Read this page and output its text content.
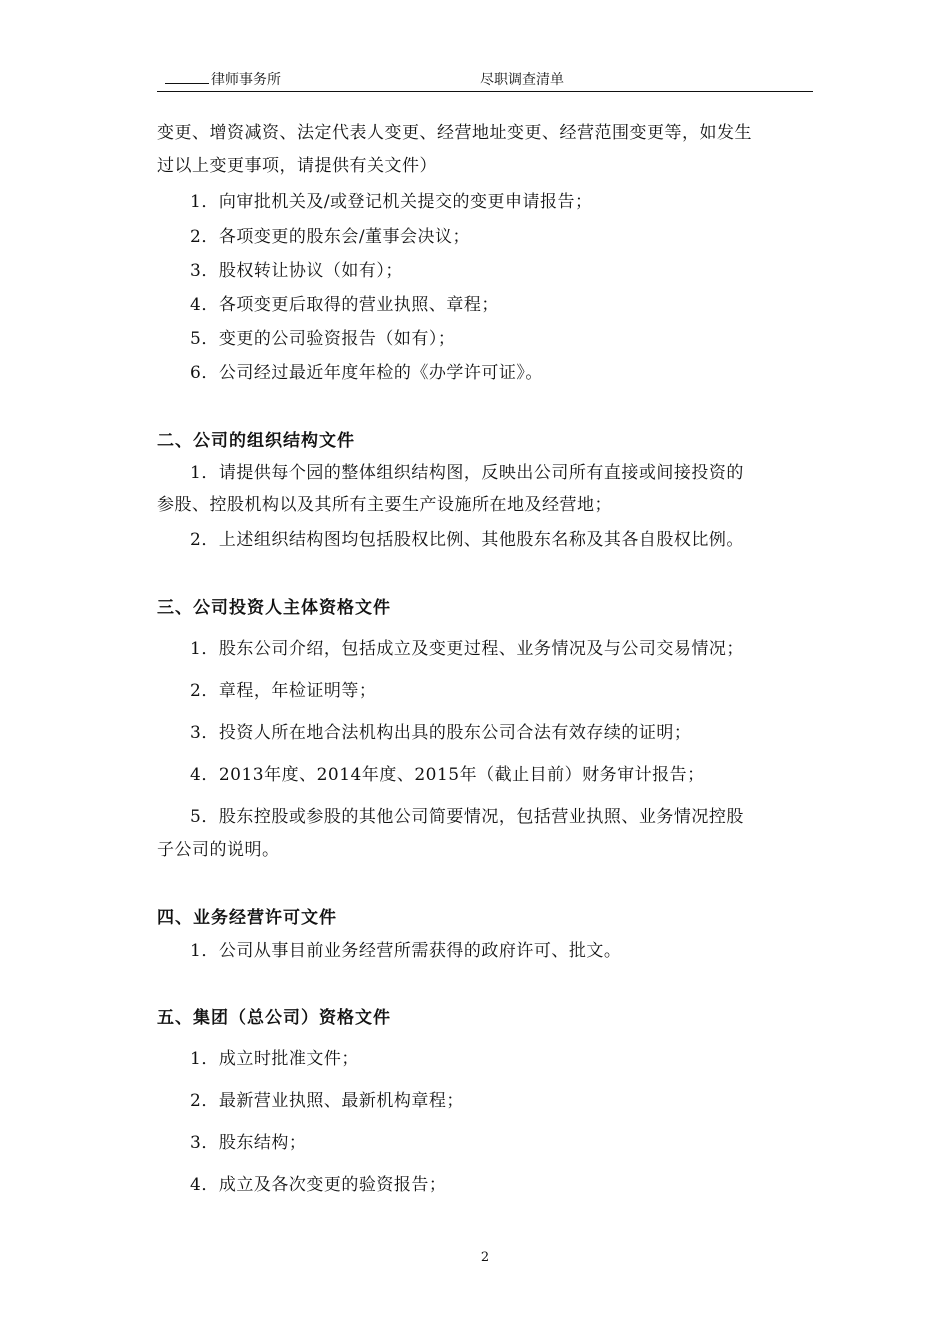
律师事务所	尽职调查清单
变更、增资减资、法定代表人变更、经营地址变更、经营范围变更等，如发生
过以上变更事项，请提供有关文件）
1．向审批机关及/或登记机关提交的变更申请报告；
2．各项变更的股东会/董事会决议；
3．股权转让协议（如有）；
4．各项变更后取得的营业执照、章程；
5．变更的公司验资报告（如有）；
6．公司经过最近年度年检的《办学许可证》。
二、公司的组织结构文件
1．请提供每个园的整体组织结构图，反映出公司所有直接或间接投资的
参股、控股机构以及其所有主要生产设施所在地及经营地；
2．上述组织结构图均包括股权比例、其他股东名称及其各自股权比例。
三、公司投资人主体资格文件
1．股东公司介绍，包括成立及变更过程、业务情况及与公司交易情况；
2．章程，年检证明等；
3．投资人所在地合法机构出具的股东公司合法有效存续的证明；
4．2013年度、2014年度、2015年（截止目前）财务审计报告；
5．股东控股或参股的其他公司简要情况，包括营业执照、业务情况控股
子公司的说明。
四、业务经营许可文件
1．公司从事目前业务经营所需获得的政府许可、批文。
五、集团（总公司）资格文件
1．成立时批准文件；
2．最新营业执照、最新机构章程；
3．股东结构；
4．成立及各次变更的验资报告；
2
